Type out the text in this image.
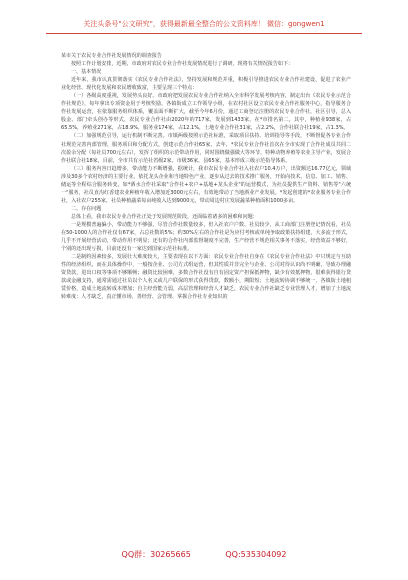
关注头条号"公文研究"，获得最新最全整合的公文资料库！ 微信：gongwen1

某市关于农民专业合作社发展情况的调查报告

按照工作计划安排，近期，市政府对农民专业合作社发展情况进行了调研，现将有关情况报告如下：

一、基本情况

近年来，我市认真贯彻落实《农民专业合作社法》，坚持发展和规范并重，积极引导推进农民专业合作社建设，促进了农业产业化经营、现代化发展和农民增收致富，主要呈现三个特点：

（一）各级高度重视，发展势头良好。市政府把发展农民专业合作社纳入全市科学发展考核内容，制定出台《农民专业示范合作社规范》，每年拿出专项资金用于考核奖励，各镇街成立工作领导小组，在农村社区设立农民专业合作社服务中心，指导服务合作社发展运营，在依靠服务组织体系，覆盖面不断扩大，截至今年6月份，通过工商登记注册的农民专业合作社，社区引导，总入股金、部门牵头创办等形式，农民专业合作社由2020年的717家，发展到1433家，在*市排名第二，其中，种植业938家，占65.5%，养殖业271家，占18.9%，服务业174家，占12.1%，土地专业合作社31家，占2.2%，合作社联合社19家，占1.3%。

（二）加强规范引导，运行机制不断完善。市镇两级按照示范社标准，采取项目扶持、培训指导等手段，不断督促各专业合作社规范完善内部管理，服务项目和分配方式，创建示范合作社65家，去年，*农民专业合作社首次在全市实现了合作社成员共同二次盈余分配（每社员700元左右），发挥了组织的示范带动作用，同时围绕做强做大等环节，特种动物养殖等农业主导产业，发展合作社联合社18家，目前，全市共有示范社省级2家、市级36家，县65家，基本形成三级示范指导体系。

（三）服务内容日趋增多，带动能力不断增强，据统计，我市农民专业合作社入社农户10.4万户，出资额达16.77亿元，领域涉及30多个农村经济的主要行业，依托龙头企业和当地特色产业，逐步从过去的技术推广服务，开始向技术、信息、加工、销售、储运等全程综合服务转变，如*酒水合作社采取"合作社+农户+基地+龙头企业"的运营模式，为社员提供生产资料、销售等"六统一"服务，社员直沟红香建农业种植年收入增加近3000元左右，有效地带动了当地酒业产业发展。*发起创建的*农业服务专业合作社，入社农户255家，社员种植蔬菜每亩纯收入达到9000元，带动周边村庄发展蔬菜种植面积1000多亩。

二、存在问题

总体上看，我市农民专业合作社正处于发展规范阶段，还面临着诸多的困难和问题：

一是规模普遍偏小，带动能力不够强，尽管合作社数量较多，但入社农户户数、社员较少，从工商部门注册登记情况看，社员在50-1000人的合作社仅有67家，占总社数的5%；约30%左右的合作社是为应付考核或单纯争取政策扶持组建，大多流于形式，几乎不开展经营活动，带动作用不明显；还有的合作社内部监督制度不完善，生产经营不规范相关事务不落实，经营效益不够好，个别的还出现亏损，目前还没有一家达到国家示范社标准。

二是制约因素较多，发展壮大难度较大，主要表现在以下方面：农民专业合作社自身在《农民专业合作社法》中只规定与互助性的经济组织，而在具体操作中，一般按企业、公司方式组运营，但其性质并非完全与企业、公司对待认识尚不明确，导致办理融资贷款，进出口权等事项不够顺畅；融资比较困难，多数合作社没有自有固定资产担保抵押物，缺少有效抵押物，很难获得银行贷款或金融支持，通常需通过社员以个人名义或几户联保的形式获得贷款，数额小，期限短；土地流转协调不够统一，各镇街土地租赁价格，造成土地流转成本增加；自主经营能力弱，高层管理和经营人才缺乏，农民专业合作社缺乏专业管理人才，增加了土地流转难度：人才缺乏，真正懂市场、善经营、会管理、掌握合作社专业知识的

QQ群：30265665	QQ:535304092
